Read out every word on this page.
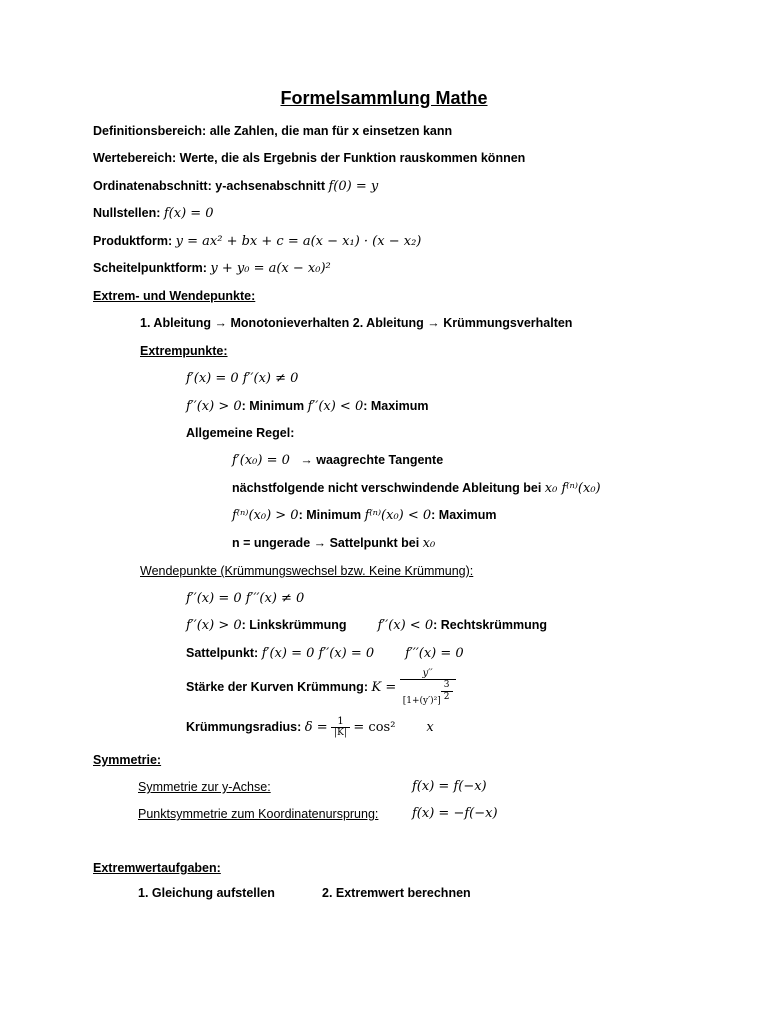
Formelsammlung Mathe
Definitionsbereich: alle Zahlen, die man für x einsetzen kann
Wertebereich: Werte, die als Ergebnis der Funktion rauskommen können
Ordinatenabschnitt: y-achsenabschnitt f(0) = y
Nullstellen: f(x) = 0
Produktform: y = ax² + bx + c = a(x − x₁) · (x − x₂)
Scheitelpunktform: y + y₀ = a(x − x₀)²
Extrem- und Wendepunkte:
1. Ableitung → Monotonieverhalten 2. Ableitung → Krümmungsverhalten
Extrempunkte:
f′(x) = 0 f′′(x) ≠ 0
f′′(x) > 0: Minimum f′′(x) < 0: Maximum
Allgemeine Regel:
f′(x₀) = 0 → waagrechte Tangente
nächstfolgende nicht verschwindende Ableitung bei x₀ f⁽ⁿ⁾(x₀)
f⁽ⁿ⁾(x₀) > 0: Minimum f⁽ⁿ⁾(x₀) < 0: Maximum
n = ungerade → Sattelpunkt bei x₀
Wendepunkte (Krümmungswechsel bzw. Keine Krümmung):
f′′(x) = 0 f′′′(x) ≠ 0
f′′(x) > 0: Linkskrümmung f′′(x) < 0: Rechtskrümmung
Sattelpunkt: f′(x) = 0 f′′(x) = 0 f′′′(x) = 0
Stärke der Kurven Krümmung: $K = \frac{y''}{[1+(y')^2] \frac{3}{2}}$
Krümmungsradius: $\delta = \frac{1}{|K|} = \cos^2$ x
Symmetrie:
Symmetrie zur y-Achse:	f(x) = f(−x)
Punktsymmetrie zum Koordinatenursprung:	f(x) = −f(−x)
Extremwertaufgaben:
1. Gleichung aufstellen	2. Extremwert berechnen
